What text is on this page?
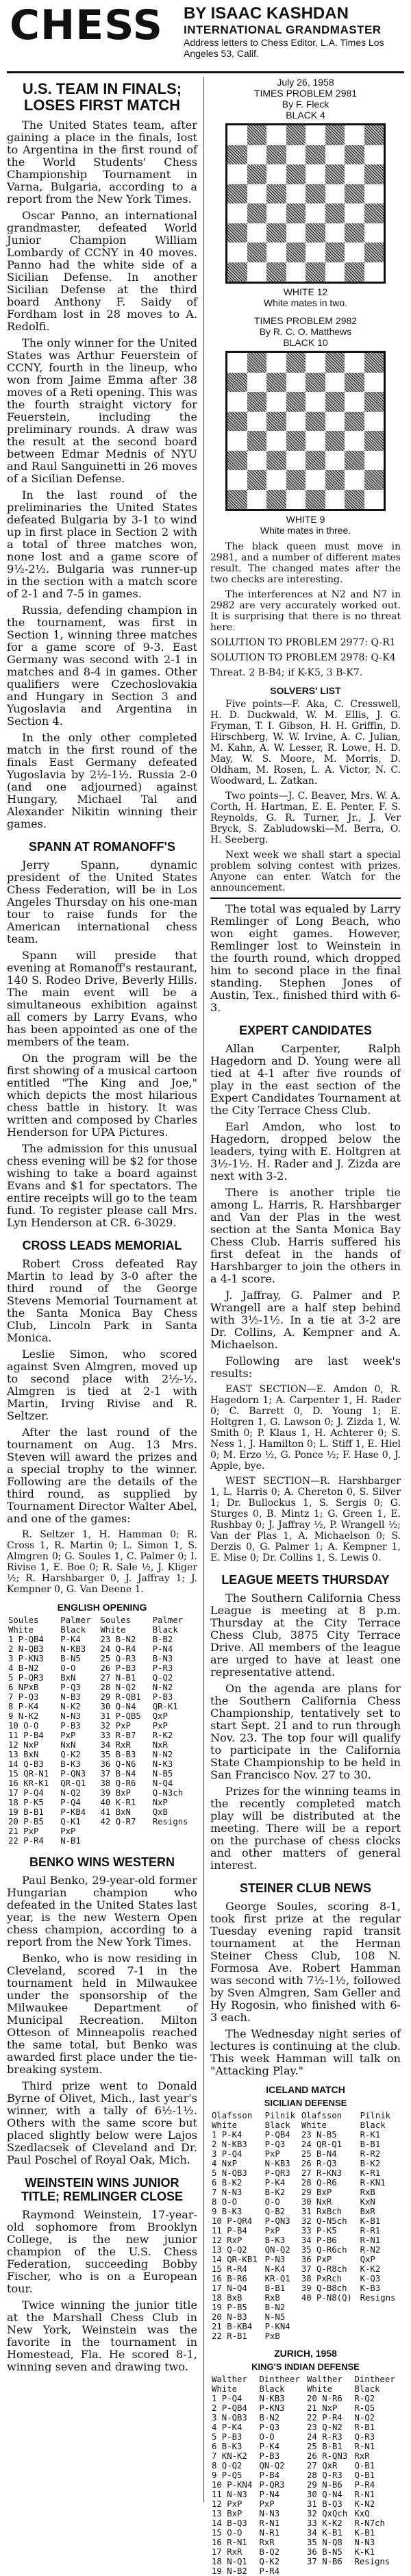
CHESS BY ISAAC KASHDAN
INTERNATIONAL GRANDMASTER
Address letters to Chess Editor, L.A. Times Los Angeles 53, Calif.
U.S. TEAM IN FINALS; LOSES FIRST MATCH

The United States team, after gaining a place in the finals, lost to Argentina in the first round of the World Students' Chess Championship Tournament in Varna, Bulgaria, according to a report from the New York Times.

Oscar Panno, an international grandmaster, defeated World Junior Champion William Lombardy of CCNY in 40 moves. Panno had the white side of a Sicilian Defense. In another Sicilian Defense at the third board Anthony F. Saidy of Fordham lost in 28 moves to A. Redolfi.

The only winner for the United States was Arthur Feuerstein of CCNY, fourth in the lineup, who won from Jaime Emma after 38 moves of a Reti opening. This was the fourth straight victory for Feuerstein, including the preliminary rounds. A draw was the result at the second board between Edmar Mednis of NYU and Raul Sanguinetti in 26 moves of a Sicilian Defense.

In the last round of the preliminaries the United States defeated Bulgaria by 3-1 to wind up in first place in Section 2 with a total of three matches won, none lost and a game score of 9½-2½. Bulgaria was runner-up in the section with a match score of 2-1 and 7-5 in games.

Russia, defending champion in the tournament, was first in Section 1, winning three matches for a game score of 9-3. East Germany was second with 2-1 in matches and 8-4 in games. Other qualifiers were Czechoslovakia and Hungary in Section 3 and Yugoslavia and Argentina in Section 4.

In the only other completed match in the first round of the finals East Germany defeated Yugoslavia by 2½-1½. Russia 2-0 (and one adjourned) against Hungary, Michael Tal and Alexander Nikitin winning their games.

SPANN AT ROMANOFF'S

Jerry Spann, dynamic president of the United States Chess Federation, will be in Los Angeles Thursday on his one-man tour to raise funds for the American international chess team.

Spann will preside that evening at Romanoff's restaurant, 140 S. Rodeo Drive, Beverly Hills. The main event will be a simultaneous exhibition against all comers by Larry Evans, who has been appointed as one of the members of the team.

On the program will be the first showing of a musical cartoon entitled "The King and Joe," which depicts the most hilarious chess battle in history. It was written and composed by Charles Henderson for UPA Pictures.

The admission for this unusual chess evening will be $2 for those wishing to take a board against Evans and $1 for spectators. The entire receipts will go to the team fund. To register please call Mrs. Lyn Henderson at CR. 6-3029.

CROSS LEADS MEMORIAL

Robert Cross defeated Ray Martin to lead by 3-0 after the third round of the George Stevens Memorial Tournament at the Santa Monica Bay Chess Club, Lincoln Park in Santa Monica.

Leslie Simon, who scored against Sven Almgren, moved up to second place with 2½-½. Almgren is tied at 2-1 with Martin, Irving Rivise and R. Seltzer.

After the last round of the tournament on Aug. 13 Mrs. Steven will award the prizes and a special trophy to the winner. Following are the details of the third round, as supplied by Tournament Director Walter Abel, and one of the games:

R. Seltzer 1, H. Hamman 0; R. Cross 1, R. Martin 0; L. Simon 1, S. Almgren 0; G. Soules 1, C. Palmer 0; I. Rivise 1, E. Boe 0; R. Sale ½, J. Kliger ½; R. Harshbarger 0, J. Jaffray 1; J. Kempner 0, G. Van Deene 1.

ENGLISH OPENING
Soules	Palmer	Soules	Palmer
White	Black	White	Black
1 P-QB4	P-K4	23 B-N2	B-B2
2 N-QB3	N-KB3	24 Q-R4	P-N4
3 P-KN3	B-N5	25 Q-R3	B-N3
4 B-N2	O-O	26 P-B3	P-R3
5 P-QR3	BxN	27 N-B1	Q-Q2
6 NPxB	P-Q3	28 N-Q2	N-N2
7 P-Q3	N-B3	29 R-QB1	P-B3
8 P-K4	N-K2	30 Q-N4	QR-K1
9 N-K2	N-N3	31 P-QB5	QxP
10 O-O	P-B3	32 PxP	PxP
11 P-B4	PxP	33 R-B7	R-K2
12 NxP	NxN	34 RxR	NxR
13 BxN	Q-K2	35 B-B3	N-N2
14 Q-B3	B-K3	36 Q-N6	N-K3
15 QR-N1	P-QN3	37 B-N4	N-B5
16 KR-K1	QR-Q1	38 Q-R6	N-Q4
17 P-Q4	N-Q2	39 BxP	Q-N3ch
18 P-K5	P-Q4	40 K-R1	NxP
19 B-B1	P-KB4	41 BxN	QxB
20 P-B5	Q-K1	42 Q-R7	Resigns
21 PxP	PxP		
22 P-R4	N-B1		
BENKO WINS WESTERN

Paul Benko, 29-year-old former Hungarian champion who defeated in the United States last year, is the new Western Open chess champion, according to a report from the New York Times.

Benko, who is now residing in Cleveland, scored 7-1 in the tournament held in Milwaukee under the sponsorship of the Milwaukee Department of Municipal Recreation. Milton Otteson of Minneapolis reached the same total, but Benko was awarded first place under the tie-breaking system.

Third prize went to Donald Byrne of Olivet, Mich., last year's winner, with a tally of 6½-1½. Others with the same score but placed slightly below were Lajos Szedlacsek of Cleveland and Dr. Paul Poschel of Royal Oak, Mich.

WEINSTEIN WINS JUNIOR TITLE; REMLINGER CLOSE

Raymond Weinstein, 17-year-old sophomore from Brooklyn College, is the new junior champion of the U.S. Chess Federation, succeeding Bobby Fischer, who is on a European tour.

Twice winning the junior title at the Marshall Chess Club in New York, Weinstein was the favorite in the tournament in Homestead, Fla. He scored 8-1, winning seven and drawing two.

July 26, 1958
TIMES PROBLEM 2981
By F. Fleck
BLACK 4
WHITE 12
White mates in two.
TIMES PROBLEM 2982
By R. C. O. Matthews
BLACK 10
WHITE 9
White mates in three.

The black queen must move in 2981, and a number of different mates result. The changed mates after the two checks are interesting.

The interferences at N2 and N7 in 2982 are very accurately worked out. It is surprising that there is no threat here.

SOLUTION TO PROBLEM 2977: Q-R1

SOLUTION TO PROBLEM 2978: Q-K4

Threat. 2 B-B4; if K-K5, 3 B-K7.

SOLVERS' LIST

Five points—F. Aka, C. Cresswell, H. D. Duckwald, W. M. Ellis, J. G. Fryman, T. I. Gibson, H. H. Griffin, D. Hirschberg, W. W. Irvine, A. C. Julian, M. Kahn, A. W. Lesser, R. Lowe, H. D. May, W. S. Moore, M. Morris, D. Oldham, M. Rosen, L. A. Victor, N. C. Woodward, L. Zatkan.

Two points—J. C. Beaver, Mrs. W. A. Corth, H. Hartman, E. E. Penter, F. S. Reynolds, G. R. Turner, Jr., J. Ver Bryck, S. Zabludowski—M. Berra, O. H. Seeberg.

Next week we shall start a special problem solving contest with prizes. Anyone can enter. Watch for the announcement.

The total was equaled by Larry Remlinger of Long Beach, who won eight games. However, Remlinger lost to Weinstein in the fourth round, which dropped him to second place in the final standing. Stephen Jones of Austin, Tex., finished third with 6-3.

EXPERT CANDIDATES

Allan Carpenter, Ralph Hagedorn and D. Young were all tied at 4-1 after five rounds of play in the east section of the Expert Candidates Tournament at the City Terrace Chess Club.

Earl Amdon, who lost to Hagedorn, dropped below the leaders, tying with E. Holtgren at 3½-1½. H. Rader and J. Zizda are next with 3-2.

There is another triple tie among L. Harris, R. Harshbarger and Van der Plas in the west section at the Santa Monica Bay Chess Club. Harris suffered his first defeat in the hands of Harshbarger to join the others in a 4-1 score.

J. Jaffray, G. Palmer and P. Wrangell are a half step behind with 3½-1½. In a tie at 3-2 are Dr. Collins, A. Kempner and A. Michaelson.

Following are last week's results:

EAST SECTION—E. Amdon 0, R. Hagedorn 1; A. Carpenter 1, H. Rader 0; C. Barrett 0, D. Young 1; E. Holtgren 1, G. Lawson 0; J. Zizda 1, W. Smith 0; P. Klaus 1, H. Achterer 0; S. Ness 1, J. Hamilton 0; L. Stiff 1, E. Hiel 0; M. Erzo ½, G. Ponce ½; F. Hase 0, J. Apple, bye.

WEST SECTION—R. Harshbarger 1, L. Harris 0; A. Chereton 0, S. Silver 1; Dr. Bullockus 1, S. Sergis 0; G. Sturges 0, B. Mintz 1; G. Green 1, E. Rushbay 0; J. Jaffray ½, P. Wrangell ½; Van der Plas 1, A. Michaelson 0; S. Derzis 0, G. Palmer 1; A. Kempner 1, E. Mise 0; Dr. Collins 1, S. Lewis 0.

LEAGUE MEETS THURSDAY

The Southern California Chess League is meeting at 8 p.m. Thursday at the City Terrace Chess Club, 3875 City Terrace Drive. All members of the league are urged to have at least one representative attend.

On the agenda are plans for the Southern California Chess Championship, tentatively set to start Sept. 21 and to run through Nov. 23. The top four will qualify to participate in the California State Championship to be held in San Francisco Nov. 27 to 30.

Prizes for the winning teams in the recently completed match play will be distributed at the meeting. There will be a report on the purchase of chess clocks and other matters of general interest.

STEINER CLUB NEWS

George Soules, scoring 8-1, took first prize at the regular Tuesday evening rapid transit tournament at the Herman Steiner Chess Club, 108 N. Formosa Ave. Robert Hamman was second with 7½-1½, followed by Sven Almgren, Sam Geller and Hy Rogosin, who finished with 6-3 each.

The Wednesday night series of lectures is continuing at the club. This week Hamman will talk on "Attacking Play."

ICELAND MATCH
SICILIAN DEFENSE
Olafsson	Pilnik	Olafsson	Pilnik
White	Black	White	Black
1 P-K4	P-QB4	23 N-B5	R-K1
2 N-KB3	P-Q3	24 QR-Q1	B-B1
3 P-Q4	PxP	25 B-N4	R-R2
4 NxP	N-KB3	26 R-Q3	B-K2
5 N-QB3	P-QR3	27 R-KN3	K-R1
6 B-K2	P-K4	28 Q-R6	R-KN1
7 N-N3	B-K2	29 BxP	RxB
8 O-O	O-O	30 NxR	KxN
9 B-K3	Q-B2	31 RxBch	BxR
10 P-QR4	P-QN3	32 Q-N5ch	K-B1
11 P-B4	PxP	33 P-K5	R-R1
12 RxP	B-K3	34 P-B6	R-N1
13 Q-Q2	QN-Q2	35 Q-R6ch	R-N2
14 QR-KB1	P-N3	36 PxP	QxP
15 R-R4	N-K4	37 Q-R8ch	K-K2
16 B-R6	KR-Q1	38 PxRch	K-Q3
17 N-Q4	B-B1	39 Q-B8ch	K-B3
18 BxB	RxB	40 P-N8(Q)	Resigns
19 P-B5	B-N2		
20 N-B3	N-N5		
21 B-KB4	P-KN4		
22 R-B1	PxB		
ZURICH, 1958
KING'S INDIAN DEFENSE
Walther	Dintheer	Walther	Dintheer
White	Black	White	Black
1 P-Q4	N-KB3	20 N-R6	R-Q2
2 P-QB4	P-KN3	21 NxP	R-Q5
3 N-QB3	B-N2	22 P-R4	N-Q2
4 P-K4	P-Q3	23 Q-N2	R-B1
5 P-B3	O-O	24 R-R3	Q-R3
6 B-K3	P-K4	25 B-B1	R-N1
7 KN-K2	P-B3	26 R-QN3	RxR
8 Q-Q2	QN-Q2	27 QxR	Q-B1
9 P-Q5	P-B4	28 Q-R3	Q-B1
10 P-KN4	P-QR3	29 N-B6	P-R4
11 N-N3	P-N4	30 Q-N4	R-N1
12 PxP	PxP	31 B-Q3	K-N2
13 BxP	N-N3	32 QxQch	KxQ
14 B-Q3	R-N1	33 K-K2	R-N7ch
15 O-O	N-R1	34 K-B1	K-B1
16 R-N1	RxR	35 N-Q8	N-N3
17 RxR	B-Q2	36 B-N5	K-K1
18 N-Q1	Q-K2	37 N-B6	Resigns
19 N-B2	P-R4		
